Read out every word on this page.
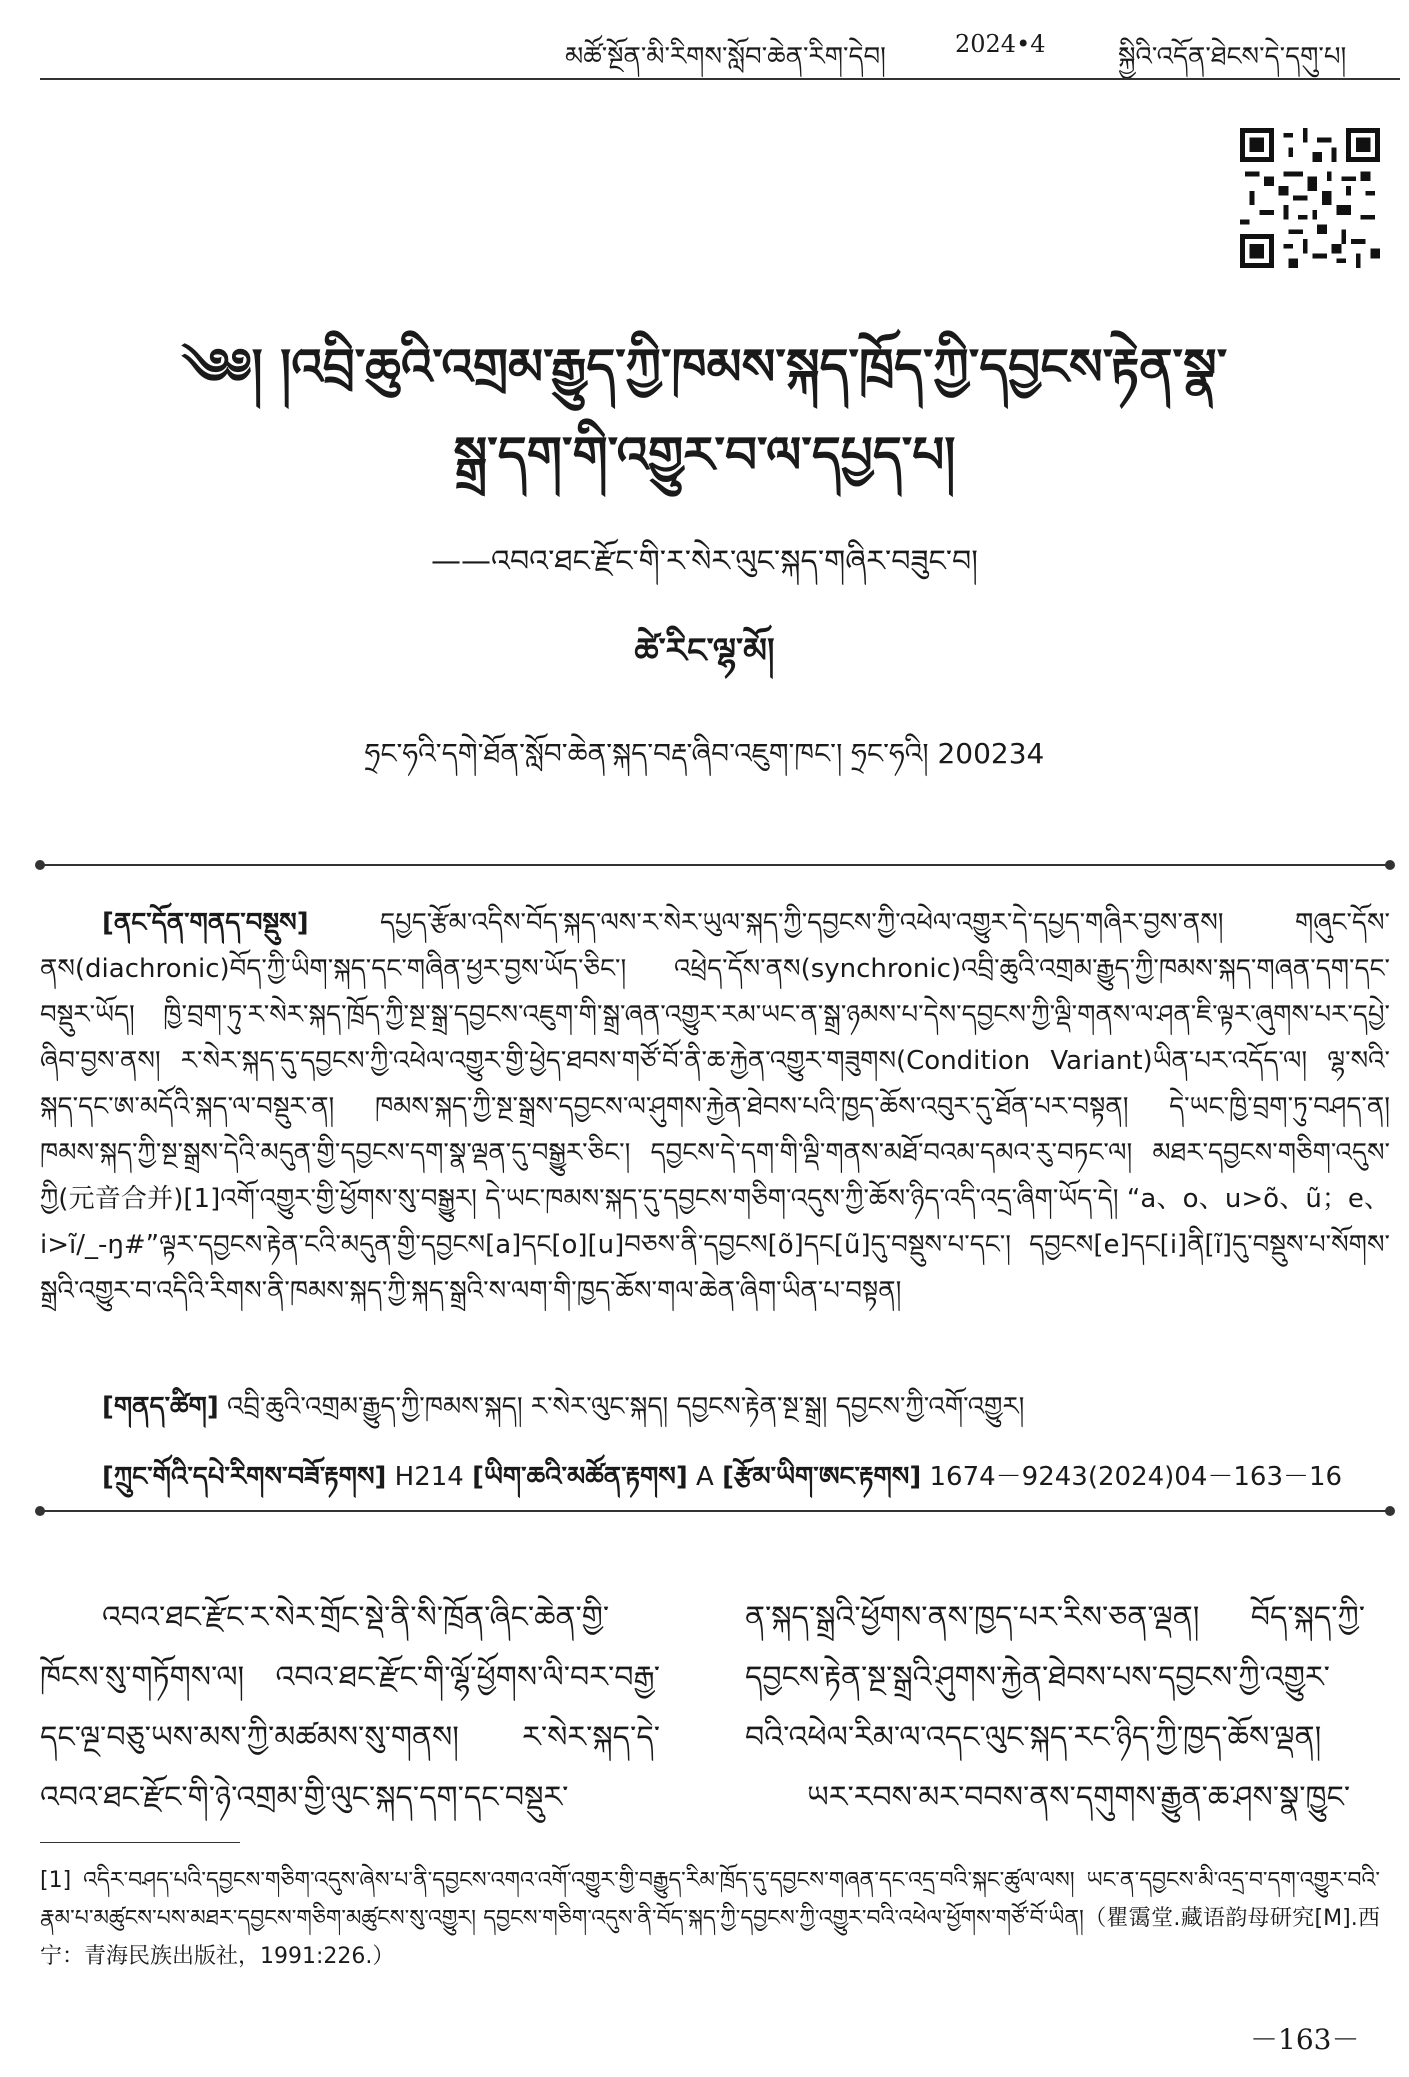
མཚོ་སྔོན་མི་རིགས་སློབ་ཆེན་རིག་དེབ།	2024•4	སྐྱིའི་འདོན་ཐེངས་དེ་དགུ་པ།
༄༅། །འབྲི་ཆུའི་འགྲམ་རྒྱུད་ཀྱི་ཁམས་སྐད་ཁྲོད་ཀྱི་དབྱངས་རྟེན་སྣ་
སྒྲ་དག་གི་འགྱུར་བ་ལ་དཔྱད་པ།
——འབའ་ཐང་རྫོང་གི་ར་སེར་ལུང་སྐད་གཞིར་བཟུང་བ།
ཚེ་རིང་ལྷ་མོ།
ཧྲང་ཧའི་དགེ་ཐོན་སློབ་ཆེན་སྐད་བརྡ་ཞིབ་འཇུག་ཁང་། ཧྲང་ཧའི། 200234

[ནང་དོན་གནད་བསྡུས]	དཔྱད་རྩོམ་འདིས་བོད་སྐད་ལས་ར་སེར་ཡུལ་སྐད་ཀྱི་དབྱངས་ཀྱི་འཕེལ་འགྱུར་དེ་དཔྱད་གཞིར་བྱས་ནས། གཞུང་དོས་ནས(diachronic)བོད་ཀྱི་ཡིག་སྐད་དང་གཞིན་ཕྱར་བྱས་ཡོད་ཅིང་། འཕྲེད་དོས་ནས(synchronic)འབྲི་ཆུའི་འགྲམ་རྒྱུད་ཀྱི་ཁམས་སྐད་གཞན་དག་དང་བསྡུར་ཡོད། ཁྱི་བྲག་ཏུ་ར་སེར་སྐད་ཁྲོད་ཀྱི་སྔ་སྒྲ་དབྱངས་འཇུག་གི་སྒྲ་ཞན་འགྱུར་རམ་ཡང་ན་སྒྲ་ཉམས་པ་དེས་དབྱངས་ཀྱི་ལྡི་གནས་ལ་ཤན་ཇི་ལྟར་ཞུགས་པར་དཔྱེ་ཞིབ་བྱས་ནས། ར་སེར་སྐད་དུ་དབྱངས་ཀྱི་འཕེལ་འགྱུར་གྱི་ཕྱེད་ཐབས་གཙོ་བོ་ནི་ཆ་རྐྱེན་འགྱུར་གཟུགས(Condition Variant)ཡིན་པར་འདོད་ལ། ལྷ་སའི་སྐད་དང་ཨ་མདོའི་སྐད་ལ་བསྡུར་ན། ཁམས་སྐད་ཀྱི་སྔ་སྒྲས་དབྱངས་ལ་ཤུགས་རྐྱེན་ཐེབས་པའི་ཁྱད་ཆོས་འབུར་དུ་ཐོན་པར་བསྟན། དེ་ཡང་ཁྱི་བྲག་ཏུ་བཤད་ན། ཁམས་སྐད་ཀྱི་སྔ་སྒྲས་དེའི་མདུན་གྱི་དབྱངས་དག་སྣ་ལྡན་དུ་བསྒྱུར་ཅིང་། དབྱངས་དེ་དག་གི་ལྡི་གནས་མཐོ་བའམ་དམའ་རུ་བཏང་ལ། མཐར་དབྱངས་གཅིག་འདུས་ཀྱི(元音合并)[1]འགོ་འགྱུར་གྱི་ཕྱོགས་སུ་བསྒྱུར། དེ་ཡང་ཁམས་སྐད་དུ་དབྱངས་གཅིག་འདུས་ཀྱི་ཆོས་ཉིད་འདི་འདྲ་ཞིག་ཡོད་དེ། “a、o、u>õ、ũ；e、i>ĩ/_-ŋ#”ལྟར་དབྱངས་རྟེན་ངའི་མདུན་གྱི་དབྱངས[a]དང[o][u]བཅས་ནི་དབྱངས[õ]དང[ũ]དུ་བསྡུས་པ་དང་། དབྱངས[e]དང[i]ནི[ĩ]དུ་བསྡུས་པ་སོགས་སྒྲའི་འགྱུར་བ་འདིའི་རིགས་ནི་ཁམས་སྐད་ཀྱི་སྐད་སྒྲའི་ས་ལག་གི་ཁྱད་ཆོས་གལ་ཆེན་ཞིག་ཡིན་པ་བསྟན།

[གནད་ཚིག] འབྲི་ཆུའི་འགྲམ་རྒྱུད་ཀྱི་ཁམས་སྐད། ར་སེར་ལུང་སྐད། དབྱངས་རྟེན་སྔ་སྒྲ། དབྱངས་ཀྱི་འགོ་འགྱུར།
[ཀྲུང་གོའི་དཔེ་རིགས་བཟོ་རྟགས] H214 [ཡིག་ཆའི་མཚོན་རྟགས] A [རྩོམ་ཡིག་ཨང་རྟགས] 1674－9243(2024)04－163－16

འབའ་ཐང་རྫོང་ར་སེར་གྲོང་སྡེ་ནི་སི་ཁྲོན་ཞིང་ཆེན་གྱི་ཁོངས་སུ་གཏོགས་ལ། འབའ་ཐང་རྫོང་གི་ལྷོ་ཕྱོགས་ལི་བར་བརྒྱ་དང་ལྔ་བཅུ་ཡས་མས་ཀྱི་མཚམས་སུ་གནས། ར་སེར་སྐད་དེ་འབའ་ཐང་རྫོང་གི་ཉེ་འགྲམ་གྱི་ལུང་སྐད་དག་དང་བསྡུར་

ན་སྐད་སྒྲའི་ཕྱོགས་ནས་ཁྱད་པར་རིས་ཅན་ལྡན། བོད་སྐད་ཀྱི་དབྱངས་རྟེན་སྔ་སྒྲའི་ཤུགས་རྐྱེན་ཐེབས་པས་དབྱངས་ཀྱི་འགྱུར་བའི་འཕེལ་རིམ་ལ་འདང་ལུང་སྐད་རང་ཉིད་ཀྱི་ཁྱད་ཆོས་ལྡན།

ཡར་རབས་མར་བབས་ནས་དགུགས་རྒྱུན་ཆ་ཤས་སྣ་ཁྱུང་

[1] འདིར་བཤད་པའི་དབྱངས་གཅིག་འདུས་ཞེས་པ་ནི་དབྱངས་འགའ་འགོ་འགྱུར་གྱི་བརྒྱུད་རིམ་ཁྲོད་དུ་དབྱངས་གཞན་དང་འདྲ་བའི་སྐང་ཚུལ་ལས། ཡང་ན་དབྱངས་མི་འདྲ་བ་དག་འགྱུར་བའི་རྣམ་པ་མཚུངས་པས་མཐར་དབྱངས་གཅིག་མཚུངས་སུ་འགྱུར། དབྱངས་གཅིག་འདུས་ནི་བོད་སྐད་ཀྱི་དབྱངས་ཀྱི་འགྱུར་བའི་འཕེལ་ཕྱོགས་གཙོ་བོ་ཡིན།（瞿霭堂.藏语韵母研究[M].西宁：青海民族出版社，1991:226.）
－163－
